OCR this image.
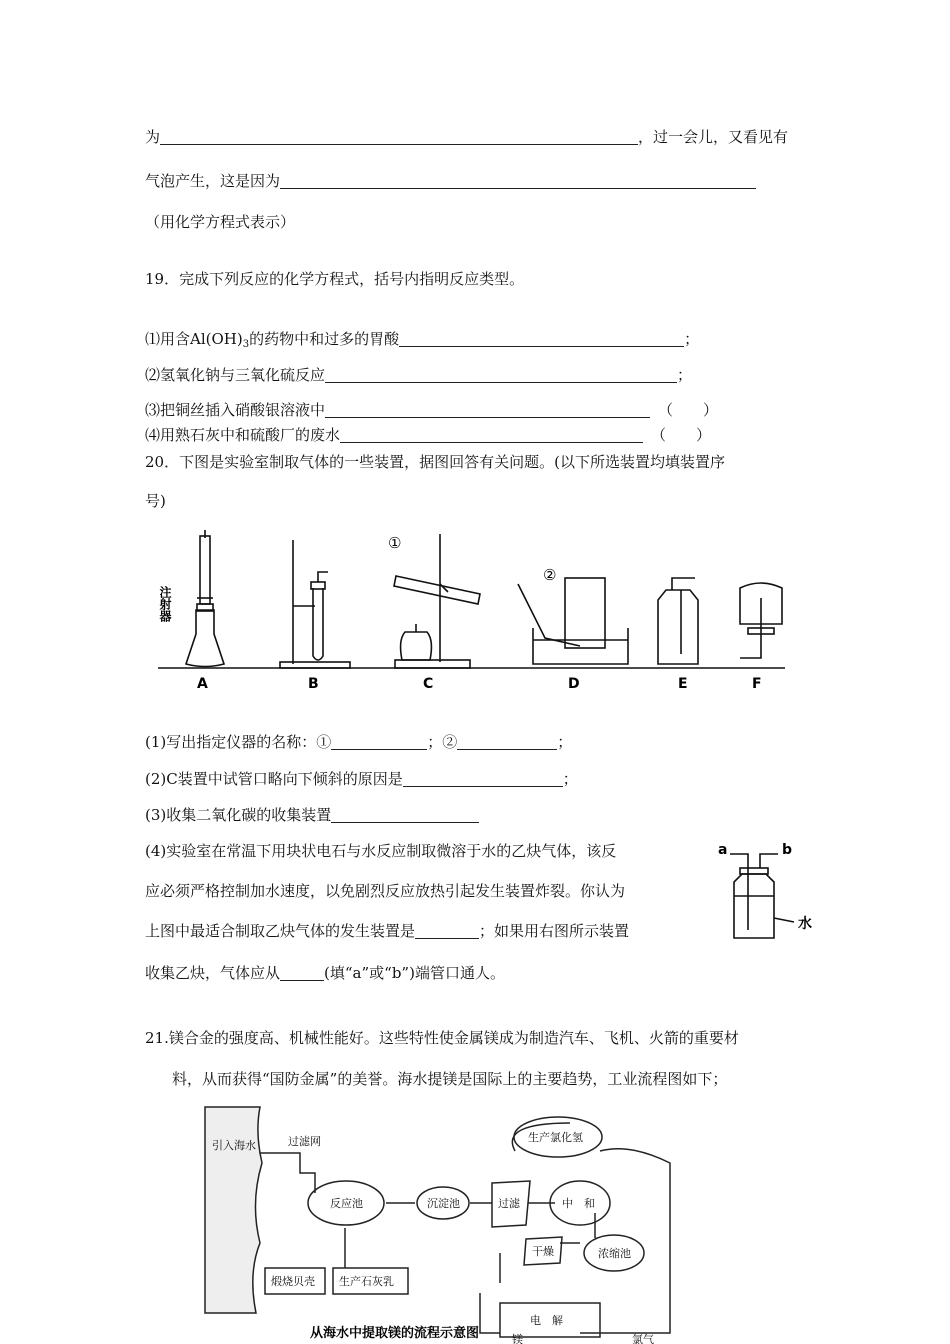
为	，过一会儿，又看见有
气泡产生，这是因为
（用化学方程式表示）
19．完成下列反应的化学方程式，括号内指明反应类型。
⑴用含$Al(OH)_3$的药物中和过多的胃酸	；
⑵氢氧化钠与三氧化硫反应	；
⑶把铜丝插入硝酸银溶液中	（　　）
⑷用熟石灰中和硫酸厂的废水	（　　）
20．下图是实验室制取气体的一些装置，据图回答有关问题。(以下所选装置均填装置序
号)
注射器
①
②
A	B	C	D	E	F
(1)写出指定仪器的名称：①	；②	；
(2)C装置中试管口略向下倾斜的原因是	；
(3)收集二氧化碳的收集装置
(4)实验室在常温下用块状电石与水反应制取微溶于水的乙炔气体，该反
应必须严格控制加水速度，以免剧烈反应放热引起发生装置炸裂。你认为
上图中最适合制取乙炔气体的发生装置是	；如果用右图所示装置
收集乙炔，气体应从	(填“a”或“b”)端管口通人。
a	b
水
21.镁合金的强度高、机械性能好。这些特性使金属镁成为制造汽车、飞机、火箭的重要材
料，从而获得“国防金属”的美誉。海水提镁是国际上的主要趋势，工业流程图如下；
引入海水	过滤网
反应池	沉淀池	过滤	中　和
生产氯化氢
干燥	浓缩池
煅烧贝壳 生产石灰乳
电　解
镁	氯气
从海水中提取镁的流程示意图
